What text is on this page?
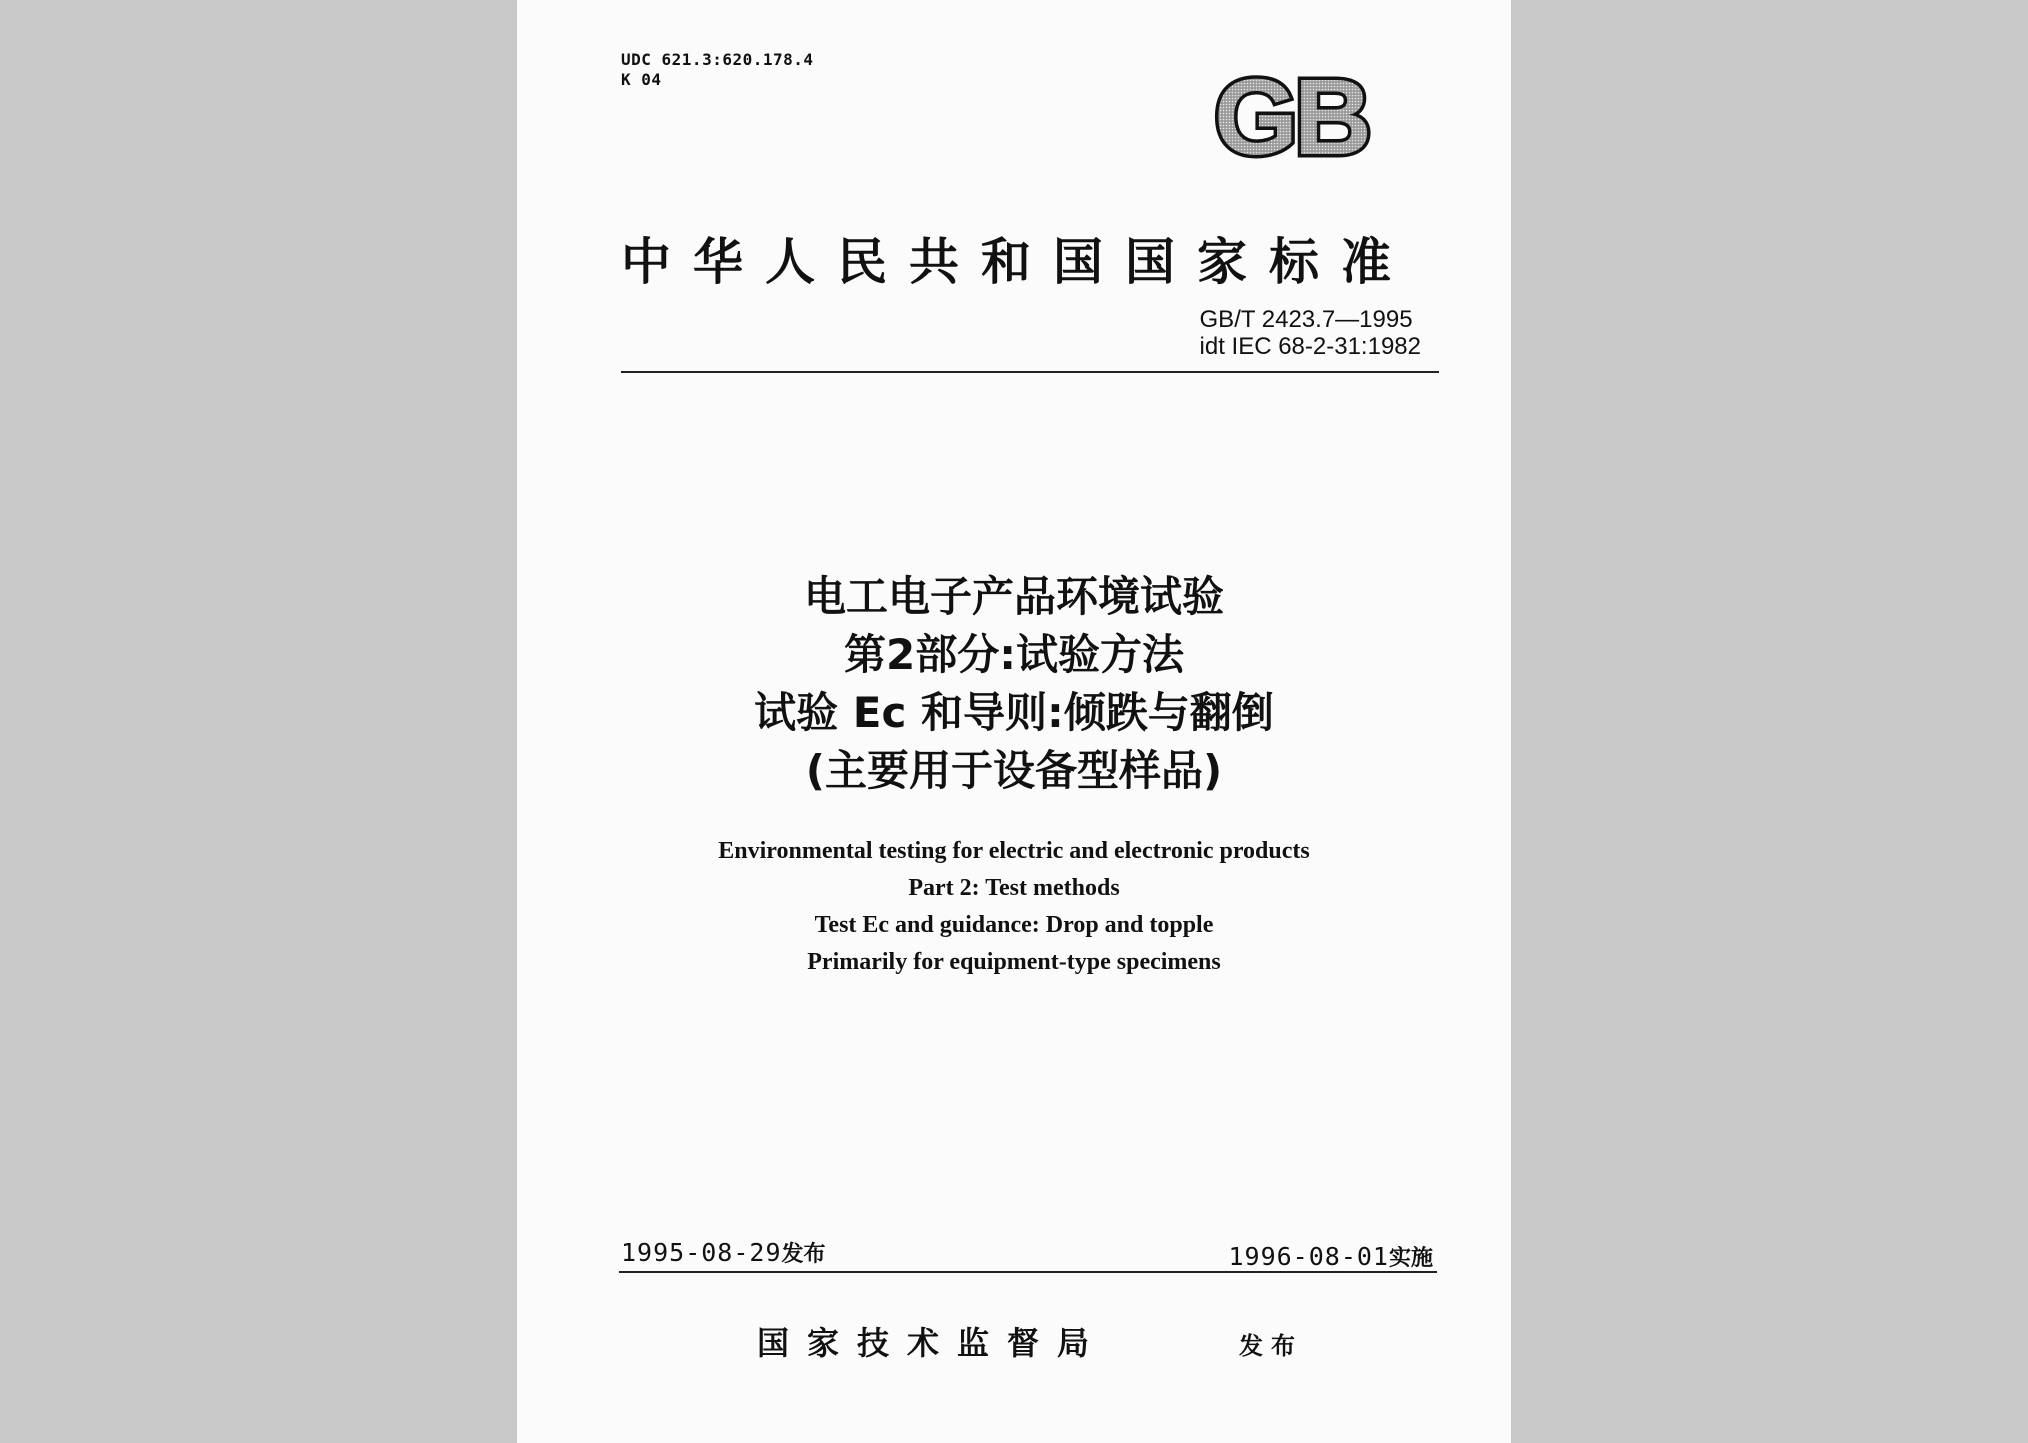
UDC 621.3:620.178.4
K 04	GB
中华人民共和国国家标准
GB/T 2423.7—1995
idt IEC 68-2-31:1982
电工电子产品环境试验
第2部分:试验方法
试验 Ec 和导则:倾跌与翻倒
(主要用于设备型样品)
Environmental testing for electric and electronic products
Part 2: Test methods
Test Ec and guidance: Drop and topple
Primarily for equipment-type specimens
1995-08-29发布	1996-08-01实施
国家技术监督局	发布
